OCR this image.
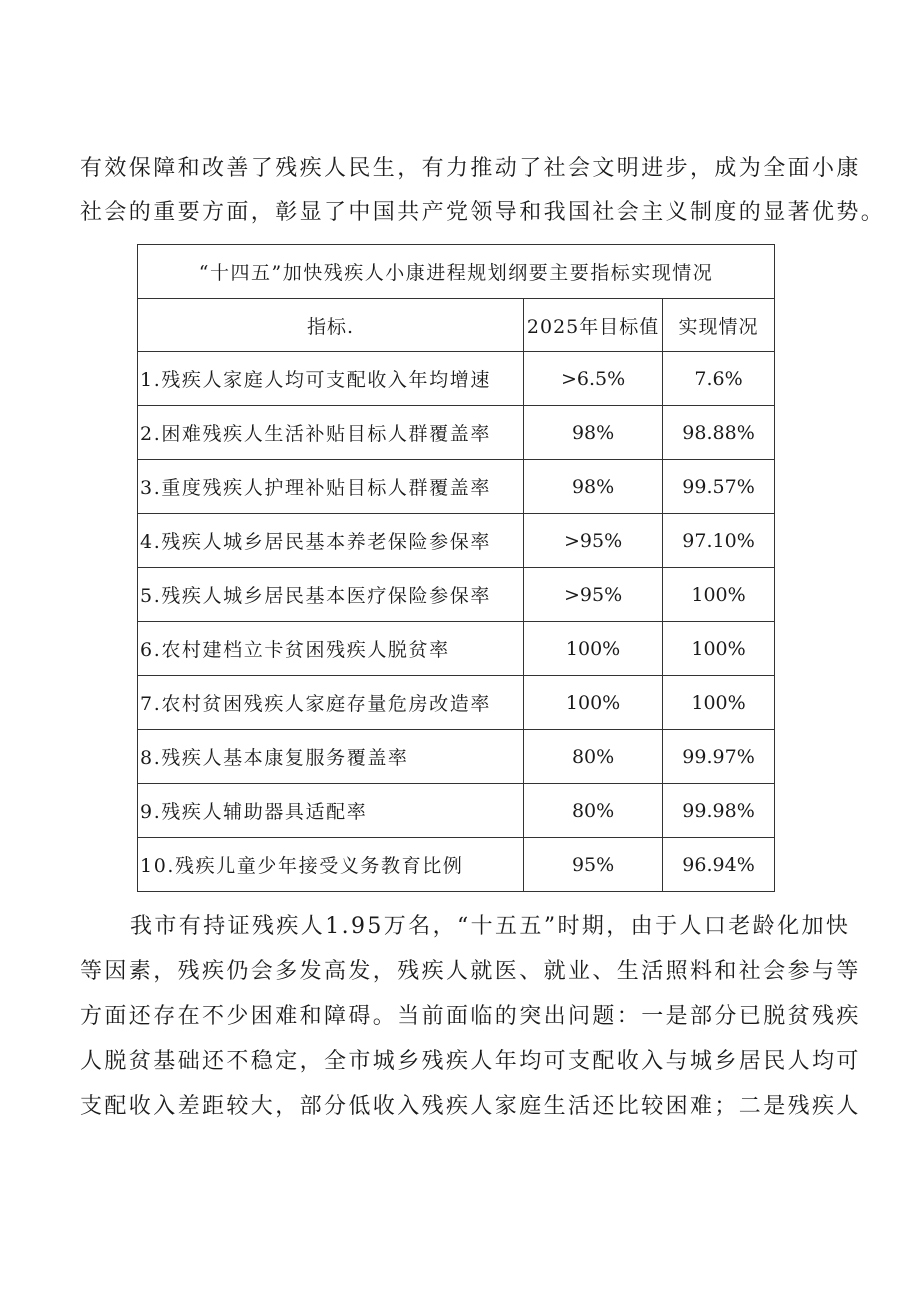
有效保障和改善了残疾人民生，有力推动了社会文明进步，成为全面小康
社会的重要方面，彰显了中国共产党领导和我国社会主义制度的显著优势。

“十四五”加快残疾人小康进程规划纲要主要指标实现情况		
指标.	2025年目标值	实现情况
1.残疾人家庭人均可支配收入年均增速	>6.5%	7.6%
2.困难残疾人生活补贴目标人群覆盖率	98%	98.88%
3.重度残疾人护理补贴目标人群覆盖率	98%	99.57%
4.残疾人城乡居民基本养老保险参保率	>95%	97.10%
5.残疾人城乡居民基本医疗保险参保率	>95%	100%
6.农村建档立卡贫困残疾人脱贫率	100%	100%
7.农村贫困残疾人家庭存量危房改造率	100%	100%
8.残疾人基本康复服务覆盖率	80%	99.97%
9.残疾人辅助器具适配率	80%	99.98%
10.残疾儿童少年接受义务教育比例	95%	96.94%

我市有持证残疾人1.95万名，“十五五”时期，由于人口老龄化加快
等因素，残疾仍会多发高发，残疾人就医、就业、生活照料和社会参与等
方面还存在不少困难和障碍。当前面临的突出问题：一是部分已脱贫残疾
人脱贫基础还不稳定，全市城乡残疾人年均可支配收入与城乡居民人均可
支配收入差距较大，部分低收入残疾人家庭生活还比较困难；二是残疾人
